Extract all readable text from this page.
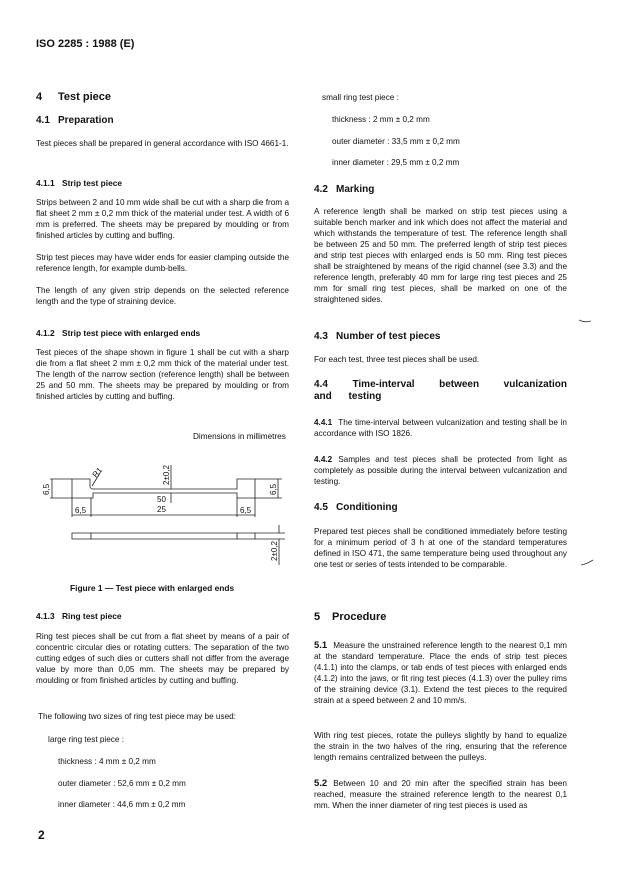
ISO 2285 : 1988 (E)
4 Test piece
4.1 Preparation
Test pieces shall be prepared in general accordance with ISO 4661-1.
4.1.1 Strip test piece
Strips between 2 and 10 mm wide shall be cut with a sharp die from a flat sheet 2 mm ± 0,2 mm thick of the material under test. A width of 6 mm is preferred. The sheets may be prepared by moulding or from finished articles by cutting and buffing.
Strip test pieces may have wider ends for easier clamping outside the reference length, for example dumb-bells.
The length of any given strip depends on the selected reference length and the type of straining device.
4.1.2 Strip test piece with enlarged ends
Test pieces of the shape shown in figure 1 shall be cut with a sharp die from a flat sheet 2 mm ± 0,2 mm thick of the material under test. The length of the narrow section (reference length) shall be between 25 and 50 mm. The sheets may be prepared by moulding or from finished articles by cutting and buffing.
Dimensions in millimetres
R1	2±0,2
6,5	6,5
6,5	6,5
50
25
2±0,2
Figure 1 — Test piece with enlarged ends
4.1.3 Ring test piece
Ring test pieces shall be cut from a flat sheet by means of a pair of concentric circular dies or rotating cutters. The separation of the two cutting edges of such dies or cutters shall not differ from the average value by more than 0,05 mm. The sheets may be prepared by moulding or from finished articles by cutting and buffing.
The following two sizes of ring test piece may be used:
large ring test piece :
thickness : 4 mm ± 0,2 mm
outer diameter : 52,6 mm ± 0,2 mm
inner diameter : 44,6 mm ± 0,2 mm
2
small ring test piece :
thickness : 2 mm ± 0,2 mm
outer diameter : 33,5 mm ± 0,2 mm
inner diameter : 29,5 mm ± 0,2 mm
4.2 Marking
A reference length shall be marked on strip test pieces using a suitable bench marker and ink which does not affect the material and which withstands the temperature of test. The reference length shall be between 25 and 50 mm. The preferred length of strip test pieces and strip test pieces with enlarged ends is 50 mm. Ring test pieces shall be straightened by means of the rigid channel (see 3.3) and the reference length, preferably 40 mm for large ring test pieces and 25 mm for small ring test pieces, shall be marked on one of the straightened sides.
4.3 Number of test pieces
For each test, three test pieces shall be used.
4.4 Time-interval between vulcanization and testing
4.4.1 The time-interval between vulcanization and testing shall be in accordance with ISO 1826.
4.4.2 Samples and test pieces shall be protected from light as completely as possible during the interval between vulcanization and testing.
4.5 Conditioning
Prepared test pieces shall be conditioned immediately before testing for a minimum period of 3 h at one of the standard temperatures defined in ISO 471, the same temperature being used throughout any one test or series of tests intended to be comparable.
5 Procedure
5.1 Measure the unstrained reference length to the nearest 0,1 mm at the standard temperature. Place the ends of strip test pieces (4.1.1) into the clamps, or tab ends of test pieces with enlarged ends (4.1.2) into the jaws, or fit ring test pieces (4.1.3) over the pulley rims of the straining device (3.1). Extend the test pieces to the required strain at a speed between 2 and 10 mm/s.
With ring test pieces, rotate the pulleys slightly by hand to equalize the strain in the two halves of the ring, ensuring that the reference length remains centralized between the pulleys.
5.2 Between 10 and 20 min after the specified strain has been reached, measure the strained reference length to the nearest 0,1 mm. When the inner diameter of ring test pieces is used as
